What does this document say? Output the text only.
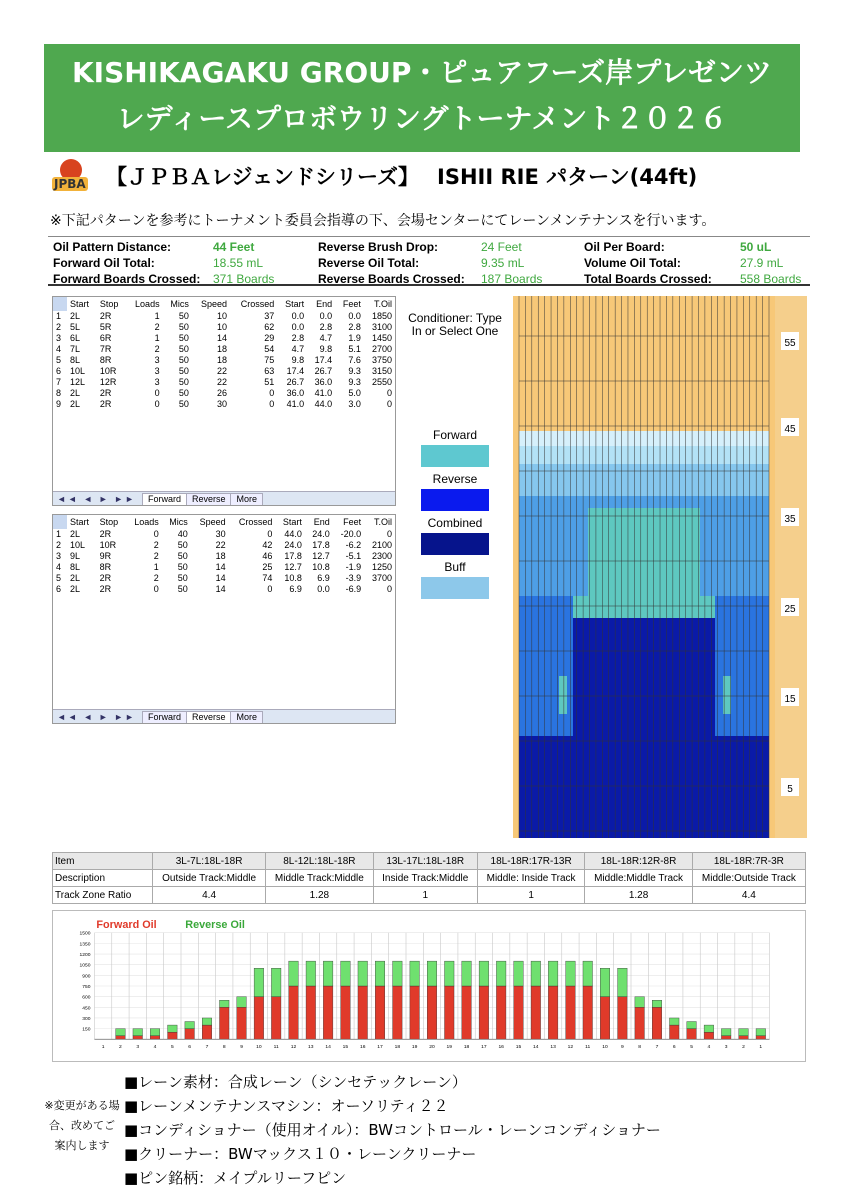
KISHIKAGAKU GROUP・ピュアフーズ岸プレゼンツ
レディースプロボウリングトーナメント２０２６
JPBA 【ＪＰＢＡレジェンドシリーズ】 ISHII RIE パターン(44ft)
※下記パターンを参考にトーナメント委員会指導の下、会場センターにてレーンメンテナンスを行います。
Oil Pattern Distance:	44 Feet	Reverse Brush Drop:	24 Feet	Oil Per Board:	50 uL
Forward Oil Total:	18.55 mL	Reverse Oil Total:	9.35 mL	Volume Oil Total:	27.9 mL
Forward Boards Crossed: 371 Boards	Reverse Boards Crossed: 187 Boards	Total Boards Crossed: 558 Boards
	Start	Stop	Loads	Mics	Speed	Crossed	Start	End	Feet	T.Oil
1	2L	2R	1	50	10	37	0.0	0.0	0.0	1850
2	5L	5R	2	50	10	62	0.0	2.8	2.8	3100
3	6L	6R	1	50	14	29	2.8	4.7	1.9	1450
4	7L	7R	2	50	18	54	4.7	9.8	5.1	2700
5	8L	8R	3	50	18	75	9.8	17.4	7.6	3750
6	10L	10R	3	50	22	63	17.4	26.7	9.3	3150
7	12L	12R	3	50	22	51	26.7	36.0	9.3	2550
8	2L	2R	0	50	26	0	36.0	41.0	5.0	0
9	2L	2R	0	50	30	0	41.0	44.0	3.0	0
◄◄ ◄ ► ►►	Forward	Reverse	More
	Start	Stop	Loads	Mics	Speed	Crossed	Start	End	Feet	T.Oil
1	2L	2R	0	40	30	0	44.0	24.0	-20.0	0
2	10L	10R	2	50	22	42	24.0	17.8	-6.2	2100
3	9L	9R	2	50	18	46	17.8	12.7	-5.1	2300
4	8L	8R	1	50	14	25	12.7	10.8	-1.9	1250
5	2L	2R	2	50	14	74	10.8	6.9	-3.9	3700
6	2L	2R	0	50	14	0	6.9	0.0	-6.9	0
◄◄ ◄ ► ►►	Forward	Reverse	More
Conditioner: Type In or Select One
Forward
Reverse
Combined
Buff
55
45
35
25
15
5
Item	3L-7L:18L-18R	8L-12L:18L-18R	13L-17L:18L-18R	18L-18R:17R-13R	18L-18R:12R-8R	18L-18R:7R-3R
Description	Outside Track:Middle	Middle Track:Middle	Inside Track:Middle	Middle: Inside Track	Middle:Middle Track	Middle:Outside Track
Track Zone Ratio	4.4	1.28	1	1	1.28	4.4
Forward Oil	Reverse Oil
1500
1350
1200
1050
900
750
600
450
300
150
1	2	3	4	5	6	7	8	9	10 11 12 13 14 15 16 17 18 19 20 19 18 17 16 15 14 13 12 11 10	9	8	7	6	5	4	3	2	1
※変更がある場合、改めてご案内します
■レーン素材：合成レーン（シンセテックレーン）
■レーンメンテナンスマシン：オーソリティ２２
■コンディショナー（使用オイル）：BWコントロール・レーンコンディショナー
■クリーナー：BWマックス１０・レーンクリーナー
■ピン銘柄：メイプルリーフピン
